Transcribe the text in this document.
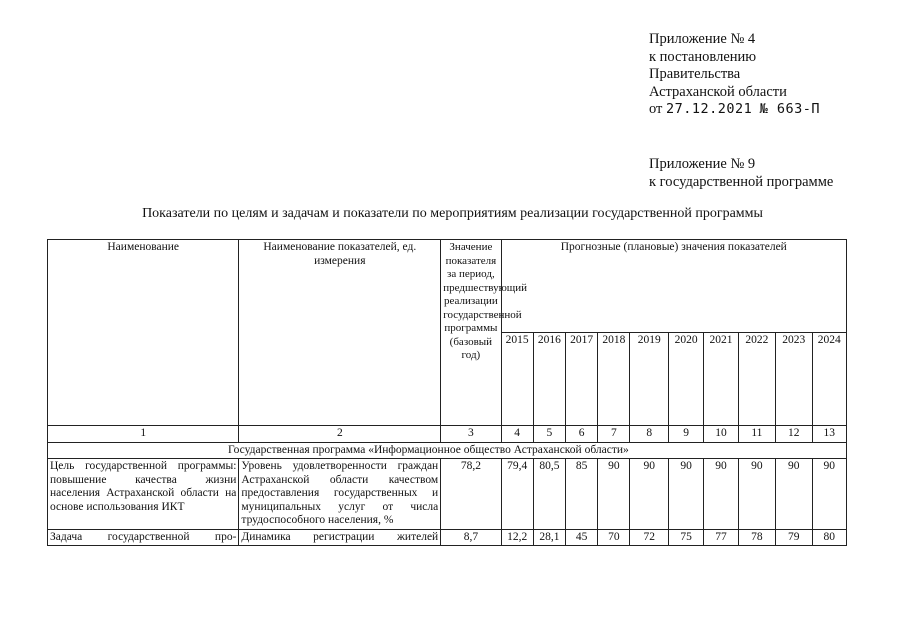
Приложение № 4
к постановлению
Правительства
Астраханской области
от 27.12.2021 № 663-П
Приложение № 9
к государственной программе
Показатели по целям и задачам и показатели по мероприятиям реализации государственной программы
Наименование	Наименование показателей, ед. измерения	Значение показателя за период, предшествующий реализации государственной программы (базовый год)	Прогнозные (плановые) значения показателей									
			2015	2016	2017	2018	2019	2020	2021	2022	2023	2024
1	2	3	4	5	6	7	8	9	10	11	12	13
Государственная программа «Информационное общество Астраханской области»												
Цель государственной программы: повышение качества жизни населения Астраханской области на основе использования ИКТ	Уровень удовлетворенности граждан Астраханской области качеством предоставления государственных и муниципальных услуг от числа трудоспособного населения, %	78,2	79,4	80,5	85	90	90	90	90	90	90	90
Задача государственной про-	Динамика регистрации жителей	8,7	12,2	28,1	45	70	72	75	77	78	79	80
